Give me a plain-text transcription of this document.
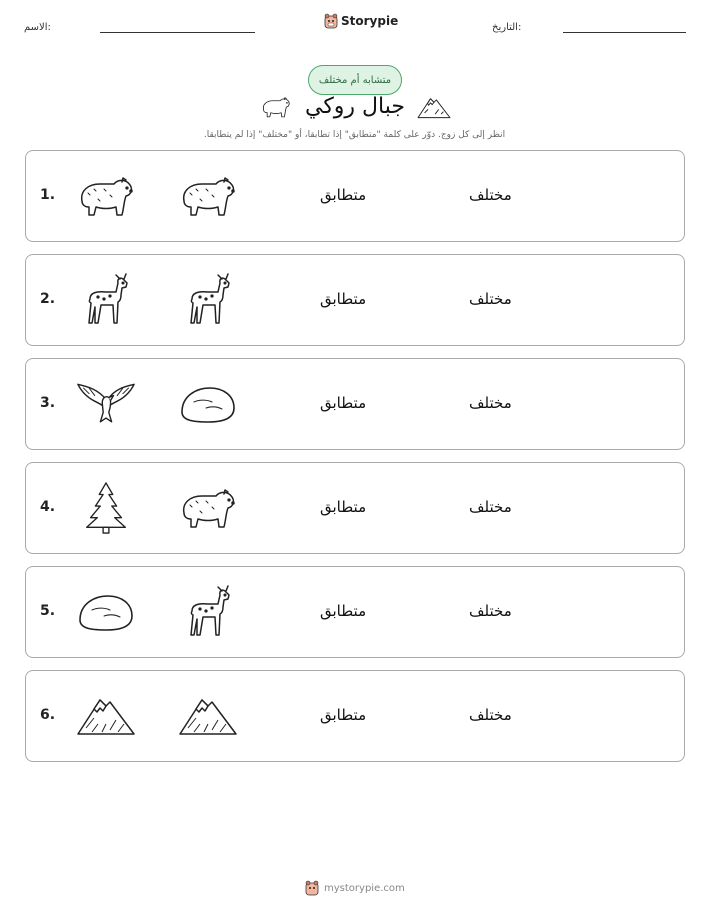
الاسم:	Storypie	التاريخ:
متشابه أم مختلف
جبال روكي
انظر إلى كل زوج. دوّر على كلمة "متطابق" إذا تطابقا، أو "مختلف" إذا لم يتطابقا.
1.	متطابق	مختلف
2.	متطابق	مختلف
3.	متطابق	مختلف
4.	متطابق	مختلف
5.	متطابق	مختلف
6.	متطابق	مختلف
mystorypie.com
